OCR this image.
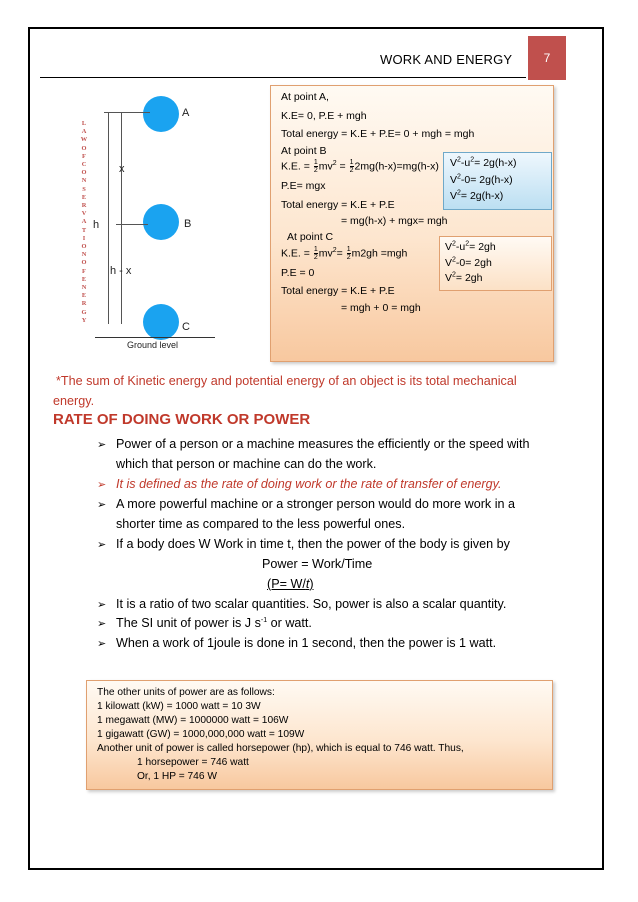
WORK AND ENERGY	7
L
A
W
O
F
C
O
N
S
E
R
V
A
T
I
O
N
O
F
E
N
E
R
G
Y
A
B
C
h
x
h - x
Ground level
At point A,
K.E= 0, P.E + mgh
Total energy = K.E + P.E= 0 + mgh = mgh
At point B
K.E. = $\frac{1}{2} mv^2 = \frac{1}{2} 2mg(h-x)=mg(h-x)$
P.E= mgx
Total energy = K.E + P.E
= mg(h-x) + mgx= mgh
At point C
K.E. = $\frac{1}{2} mv^2= \frac{1}{2} m2gh =mgh$
P.E = 0
Total energy = K.E + P.E
= mgh + 0 = mgh
$V^2-u^2= 2g(h-x)$
$V^2-0= 2g(h-x)$
$V^2= 2g(h-x)$
$V^2-u^2= 2gh$
$V^2-0= 2gh$
$V^2= 2gh$
*The sum of Kinetic energy and potential energy of an object is its total mechanical
energy.
RATE OF DOING WORK OR POWER
➢ Power of a person or a machine measures the efficiently or the speed with
which that person or machine can do the work.
➢ It is defined as the rate of doing work or the rate of transfer of energy.
➢ A more powerful machine or a stronger person would do more work in a
shorter time as compared to the less powerful ones.
➢ If a body does W Work in time t, then the power of the body is given by
Power = Work/Time
(P= W/t)
➢ It is a ratio of two scalar quantities. So, power is also a scalar quantity.
➢ The SI unit of power is J $s^{-1}$ or watt.
➢ When a work of 1joule is done in 1 second, then the power is 1 watt.
The other units of power are as follows:
1 kilowatt (kW) = 1000 watt = 10 3W
1 megawatt (MW) = 1000000 watt = 106W
1 gigawatt (GW) = 1000,000,000 watt = 109W
Another unit of power is called horsepower (hp), which is equal to 746 watt. Thus,
1 horsepower = 746 watt
Or, 1 HP = 746 W
